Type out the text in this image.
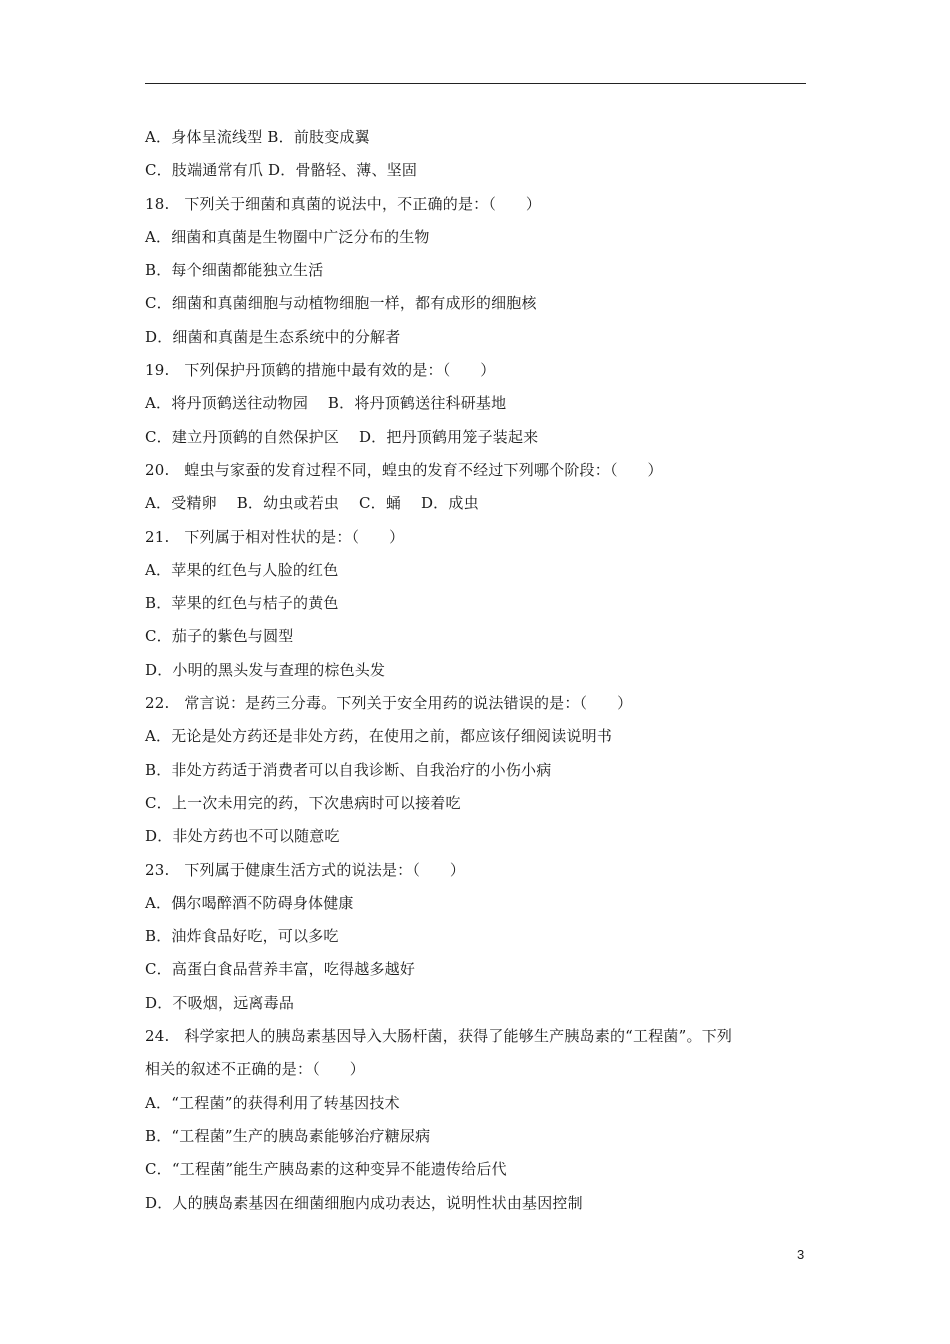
A．身体呈流线型 B．前肢变成翼
C．肢端通常有爪 D．骨骼轻、薄、坚固
18.   下列关于细菌和真菌的说法中，不正确的是：（      ）
A．细菌和真菌是生物圈中广泛分布的生物
B．每个细菌都能独立生活
C．细菌和真菌细胞与动植物细胞一样，都有成形的细胞核
D．细菌和真菌是生态系统中的分解者
19.   下列保护丹顶鹤的措施中最有效的是：（      ）
A．将丹顶鹤送往动物园    B．将丹顶鹤送往科研基地
C．建立丹顶鹤的自然保护区    D．把丹顶鹤用笼子装起来
20.   蝗虫与家蚕的发育过程不同，蝗虫的发育不经过下列哪个阶段：（      ）
A．受精卵    B．幼虫或若虫    C．蛹    D．成虫
21.   下列属于相对性状的是：（      ）
A．苹果的红色与人脸的红色
B．苹果的红色与桔子的黄色
C．茄子的紫色与圆型
D．小明的黑头发与查理的棕色头发
22.   常言说：是药三分毒。下列关于安全用药的说法错误的是：（      ）
A．无论是处方药还是非处方药，在使用之前，都应该仔细阅读说明书
B．非处方药适于消费者可以自我诊断、自我治疗的小伤小病
C．上一次未用完的药，下次患病时可以接着吃
D．非处方药也不可以随意吃
23.   下列属于健康生活方式的说法是：（      ）
A．偶尔喝醉酒不防碍身体健康
B．油炸食品好吃，可以多吃
C．高蛋白食品营养丰富，吃得越多越好
D．不吸烟，远离毒品
24.   科学家把人的胰岛素基因导入大肠杆菌，获得了能够生产胰岛素的“工程菌”。下列
相关的叙述不正确的是：（      ）
A．“工程菌”的获得利用了转基因技术
B．“工程菌”生产的胰岛素能够治疗糖尿病
C．“工程菌”能生产胰岛素的这种变异不能遗传给后代
D．人的胰岛素基因在细菌细胞内成功表达，说明性状由基因控制
3
